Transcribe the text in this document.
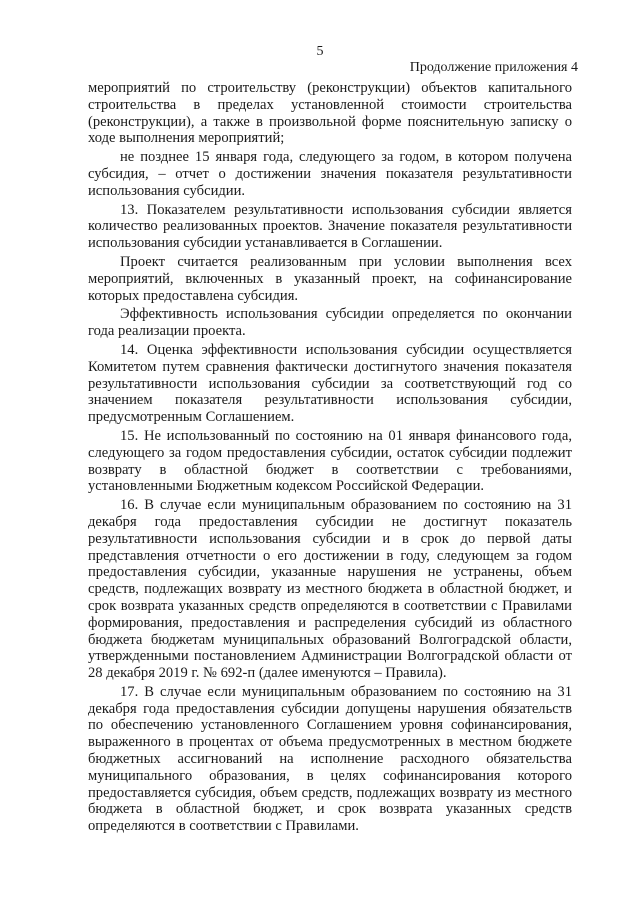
5
Продолжение приложения 4

мероприятий по строительству (реконструкции) объектов капитального строительства в пределах установленной стоимости строительства (реконструкции), а также в произвольной форме пояснительную записку о ходе выполнения мероприятий;

не позднее 15 января года, следующего за годом, в котором получена субсидия, – отчет о достижении значения показателя результативности использования субсидии.

13. Показателем результативности использования субсидии является количество реализованных проектов. Значение показателя результативности использования субсидии устанавливается в Соглашении.

Проект считается реализованным при условии выполнения всех мероприятий, включенных в указанный проект, на софинансирование которых предоставлена субсидия.

Эффективность использования субсидии определяется по окончании года реализации проекта.

14. Оценка эффективности использования субсидии осуществляется Комитетом путем сравнения фактически достигнутого значения показателя результативности использования субсидии за соответствующий год со значением показателя результативности использования субсидии, предусмотренным Соглашением.

15. Не использованный по состоянию на 01 января финансового года, следующего за годом предоставления субсидии, остаток субсидии подлежит возврату в областной бюджет в соответствии с требованиями, установленными Бюджетным кодексом Российской Федерации.

16. В случае если муниципальным образованием по состоянию на 31 декабря года предоставления субсидии не достигнут показатель результативности использования субсидии и в срок до первой даты представления отчетности о его достижении в году, следующем за годом предоставления субсидии, указанные нарушения не устранены, объем средств, подлежащих возврату из местного бюджета в областной бюджет, и срок возврата указанных средств определяются в соответствии с Правилами формирования, предоставления и распределения субсидий из областного бюджета бюджетам муниципальных образований Волгоградской области, утвержденными постановлением Администрации Волгоградской области от 28 декабря 2019 г. № 692-п (далее именуются – Правила).

17. В случае если муниципальным образованием по состоянию на 31 декабря года предоставления субсидии допущены нарушения обязательств по обеспечению установленного Соглашением уровня софинансирования, выраженного в процентах от объема предусмотренных в местном бюджете бюджетных ассигнований на исполнение расходного обязательства муниципального образования, в целях софинансирования которого предоставляется субсидия, объем средств, подлежащих возврату из местного бюджета в областной бюджет, и срок возврата указанных средств определяются в соответствии с Правилами.
